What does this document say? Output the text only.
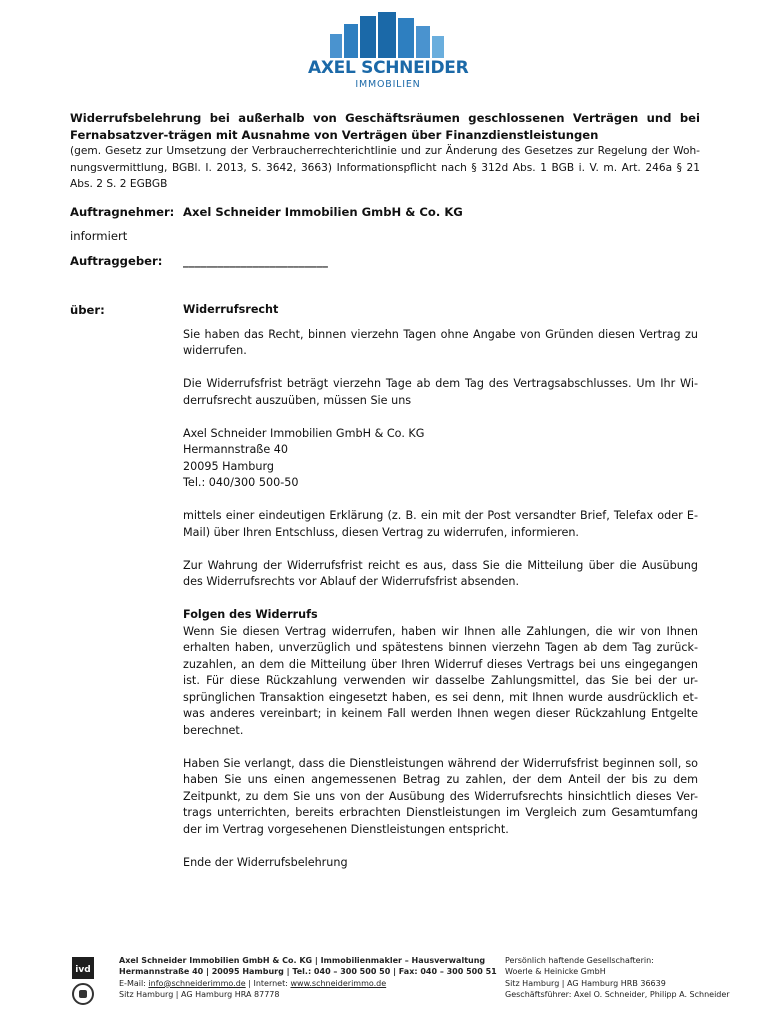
AXEL SCHNEIDER
IMMOBILIEN
Widerrufsbelehrung bei außerhalb von Geschäftsräumen geschlossenen Verträgen und bei Fernabsatzver-trägen mit Ausnahme von Verträgen über Finanzdienstleistungen
(gem. Gesetz zur Umsetzung der Verbraucherrechterichtlinie und zur Änderung des Gesetzes zur Regelung der Woh-nungsvermittlung, BGBl. I. 2013, S. 3642, 3663) Informationspflicht nach § 312d Abs. 1 BGB i. V. m. Art. 246a § 21 Abs. 2 S. 2 EGBGB
Auftragnehmer: Axel Schneider Immobilien GmbH & Co. KG
informiert
Auftraggeber: _________________________
über:	Widerrufsrecht

Sie haben das Recht, binnen vierzehn Tagen ohne Angabe von Gründen diesen Vertrag zu widerrufen.

Die Widerrufsfrist beträgt vierzehn Tage ab dem Tag des Vertragsabschlusses. Um Ihr Wi-derrufsrecht auszuüben, müssen Sie uns

Axel Schneider Immobilien GmbH & Co. KG
Hermannstraße 40
20095 Hamburg
Tel.: 040/300 500-50

mittels einer eindeutigen Erklärung (z. B. ein mit der Post versandter Brief, Telefax oder E-Mail) über Ihren Entschluss, diesen Vertrag zu widerrufen, informieren.

Zur Wahrung der Widerrufsfrist reicht es aus, dass Sie die Mitteilung über die Ausübung des Widerrufsrechts vor Ablauf der Widerrufsfrist absenden.

Folgen des Widerrufs

Wenn Sie diesen Vertrag widerrufen, haben wir Ihnen alle Zahlungen, die wir von Ihnen erhalten haben, unverzüglich und spätestens binnen vierzehn Tagen ab dem Tag zurück-zuzahlen, an dem die Mitteilung über Ihren Widerruf dieses Vertrags bei uns eingegangen ist. Für diese Rückzahlung verwenden wir dasselbe Zahlungsmittel, das Sie bei der ur-sprünglichen Transaktion eingesetzt haben, es sei denn, mit Ihnen wurde ausdrücklich et-was anderes vereinbart; in keinem Fall werden Ihnen wegen dieser Rückzahlung Entgelte berechnet.

Haben Sie verlangt, dass die Dienstleistungen während der Widerrufsfrist beginnen soll, so haben Sie uns einen angemessenen Betrag zu zahlen, der dem Anteil der bis zu dem Zeitpunkt, zu dem Sie uns von der Ausübung des Widerrufsrechts hinsichtlich dieses Ver-trags unterrichten, bereits erbrachten Dienstleistungen im Vergleich zum Gesamtumfang der im Vertrag vorgesehenen Dienstleistungen entspricht.

Ende der Widerrufsbelehrung

ivd
Axel Schneider Immobilien GmbH & Co. KG | Immobilienmakler – Hausverwaltung
Hermannstraße 40 | 20095 Hamburg | Tel.: 040 – 300 500 50 | Fax: 040 – 300 500 51
E-Mail: info@schneiderimmo.de | Internet: www.schneiderimmo.de
Sitz Hamburg | AG Hamburg HRA 87778
Persönlich haftende Gesellschafterin:
Woerle & Heinicke GmbH
Sitz Hamburg | AG Hamburg HRB 36639
Geschäftsführer: Axel O. Schneider, Philipp A. Schneider
